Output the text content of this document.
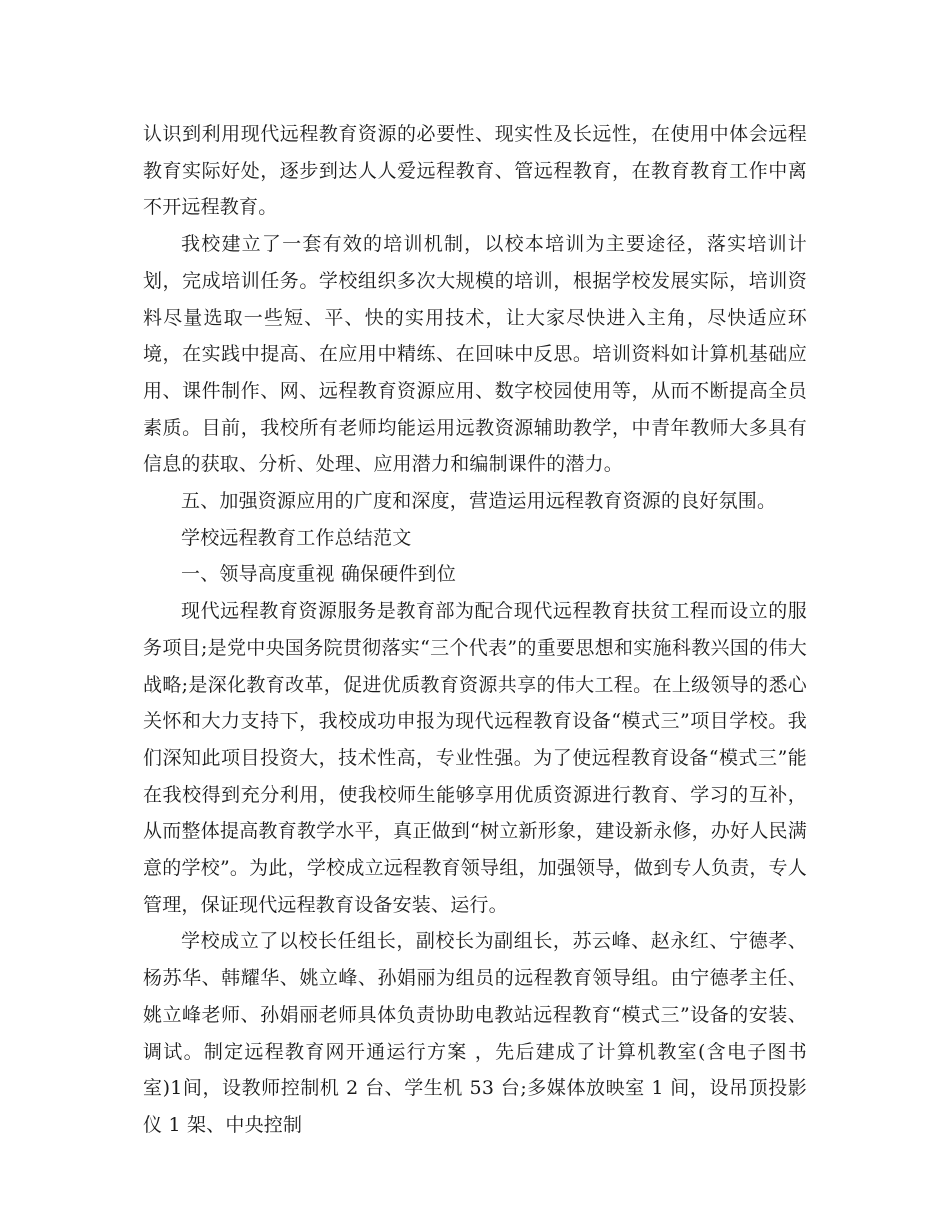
认识到利用现代远程教育资源的必要性、现实性及长远性，在使用中体会远程教育实际好处，逐步到达人人爱远程教育、管远程教育，在教育教育工作中离不开远程教育。

我校建立了一套有效的培训机制，以校本培训为主要途径，落实培训计划，完成培训任务。学校组织多次大规模的培训，根据学校发展实际，培训资料尽量选取一些短、平、快的实用技术，让大家尽快进入主角，尽快适应环境，在实践中提高、在应用中精练、在回味中反思。培训资料如计算机基础应用、课件制作、网、远程教育资源应用、数字校园使用等，从而不断提高全员素质。目前，我校所有老师均能运用远教资源辅助教学，中青年教师大多具有信息的获取、分析、处理、应用潜力和编制课件的潜力。

五、加强资源应用的广度和深度，营造运用远程教育资源的良好氛围。

学校远程教育工作总结范文

一、领导高度重视 确保硬件到位

现代远程教育资源服务是教育部为配合现代远程教育扶贫工程而设立的服务项目;是党中央国务院贯彻落实“三个代表”的重要思想和实施科教兴国的伟大战略;是深化教育改革，促进优质教育资源共享的伟大工程。在上级领导的悉心关怀和大力支持下，我校成功申报为现代远程教育设备“模式三”项目学校。我们深知此项目投资大，技术性高，专业性强。为了使远程教育设备“模式三”能在我校得到充分利用，使我校师生能够享用优质资源进行教育、学习的互补，从而整体提高教育教学水平，真正做到“树立新形象，建设新永修，办好人民满意的学校”。为此，学校成立远程教育领导组，加强领导，做到专人负责，专人管理，保证现代远程教育设备安装、运行。

学校成立了以校长任组长，副校长为副组长，苏云峰、赵永红、宁德孝、杨苏华、韩耀华、姚立峰、孙娟丽为组员的远程教育领导组。由宁德孝主任、姚立峰老师、孙娟丽老师具体负责协助电教站远程教育“模式三”设备的安装、调试。制定远程教育网开通运行方案 ，先后建成了计算机教室(含电子图书室)1间，设教师控制机 2 台、学生机 53 台;多媒体放映室 1 间，设吊顶投影仪 1 架、中央控制
